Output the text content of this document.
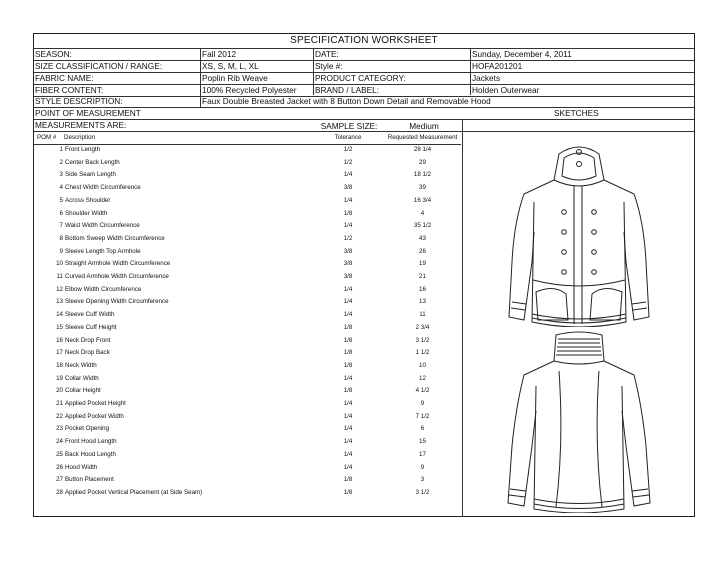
SPECIFICATION WORKSHEET
SEASON:	Fall 2012	DATE:	Sunday, December 4, 2011
SIZE CLASSIFICATION / RANGE:	XS, S, M, L, XL	Style #:	HOFA201201
FABRIC NAME:	Poplin Rib Weave	PRODUCT CATEGORY:	Jackets
FIBER CONTENT:	100% Recycled Polyester BRAND / LABEL:	Holden Outerwear
STYLE DESCRIPTION:	Faux Double Breasted Jacket with 8 Button Down Detail and Removable Hood
POINT OF MEASUREMENT	SKETCHES
MEASUREMENTS ARE:	SAMPLE SIZE:	Medium
POM # Description	Tolerance	Requested Measurement
1 Front Length	1/2	28 1/4
2 Center Back Length	1/2	29
3 Side Seam Length	1/4	18 1/2
4 Chest Width Circumference	3/8	39
5 Across Shoulder	1/4	16 3/4
6 Shoulder Width	1/8	4
7 Waist Width Circumference	1/4	35 1/2
8 Bottom Sweep Width Circumference	1/2	43
9 Sleeve Length Top Armhole	3/8	26
10 Straight Armhole Width Circumference	3/8	19
11 Curved Armhole Width Circumference	3/8	21
12 Elbow Width Circumference	1/4	16
13 Sleeve Opening Width Circumference	1/4	13
14 Sleeve Cuff Width	1/4	11
15 Sleeve Cuff Height	1/8	2 3/4
16 Neck Drop Front	1/8	3 1/2
17 Neck Drop Back	1/8	1 1/2
18 Neck Width	1/8	10
19 Collar Width	1/4	12
20 Collar Height	1/8	4 1/2
21 Applied Pocket Height	1/4	9
22 Applied Pocket Width	1/4	7 1/2
23 Pocket Opening	1/4	6
24 Front Hood Length	1/4	15
25 Back Hood Length	1/4	17
26 Hood Width	1/4	9
27 Button Placement	1/8	3
28 Applied Pocket Vertical Placement (at Side Seam)	1/8	3 1/2
